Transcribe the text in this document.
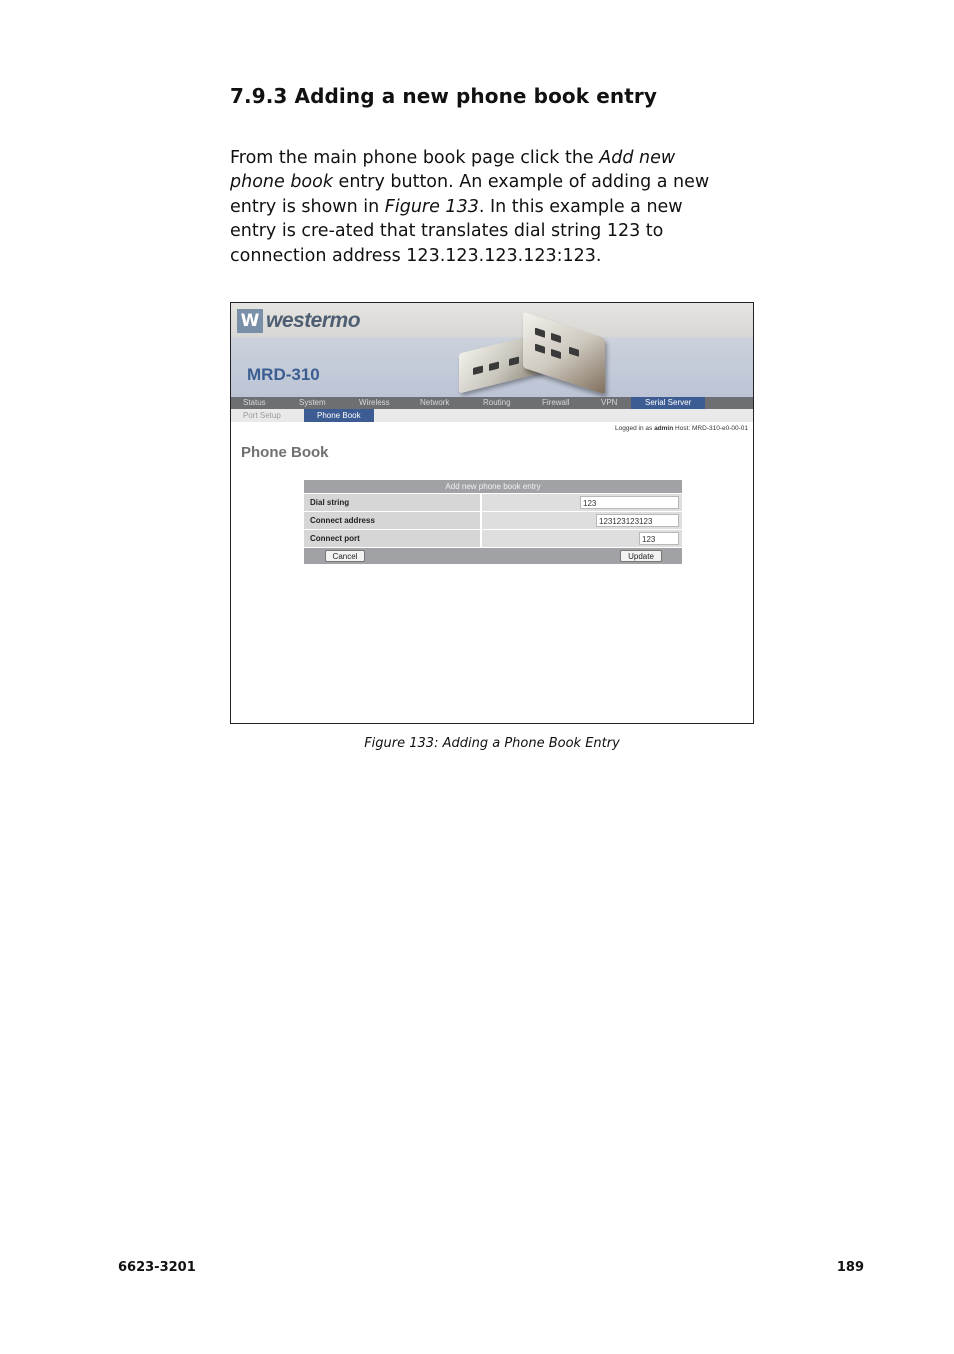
7.9.3 Adding a new phone book entry

From the main phone book page click the Add new phone book entry button. An example of adding a new entry is shown in Figure 133. In this example a new entry is cre-ated that translates dial string 123 to connection address 123.123.123.123:123.

W westermo
MRD-310
Status	System	Wireless	Network	Routing	Firewall	VPN	Serial Server
Port Setup	Phone Book
Logged in as admin Host: MRD-310-e0-00-01
Phone Book
Add new phone book entry
Dial string	123
Connect address	123123123123
Connect port	123
Cancel	Update
Figure 133: Adding a Phone Book Entry
6623-3201	189
